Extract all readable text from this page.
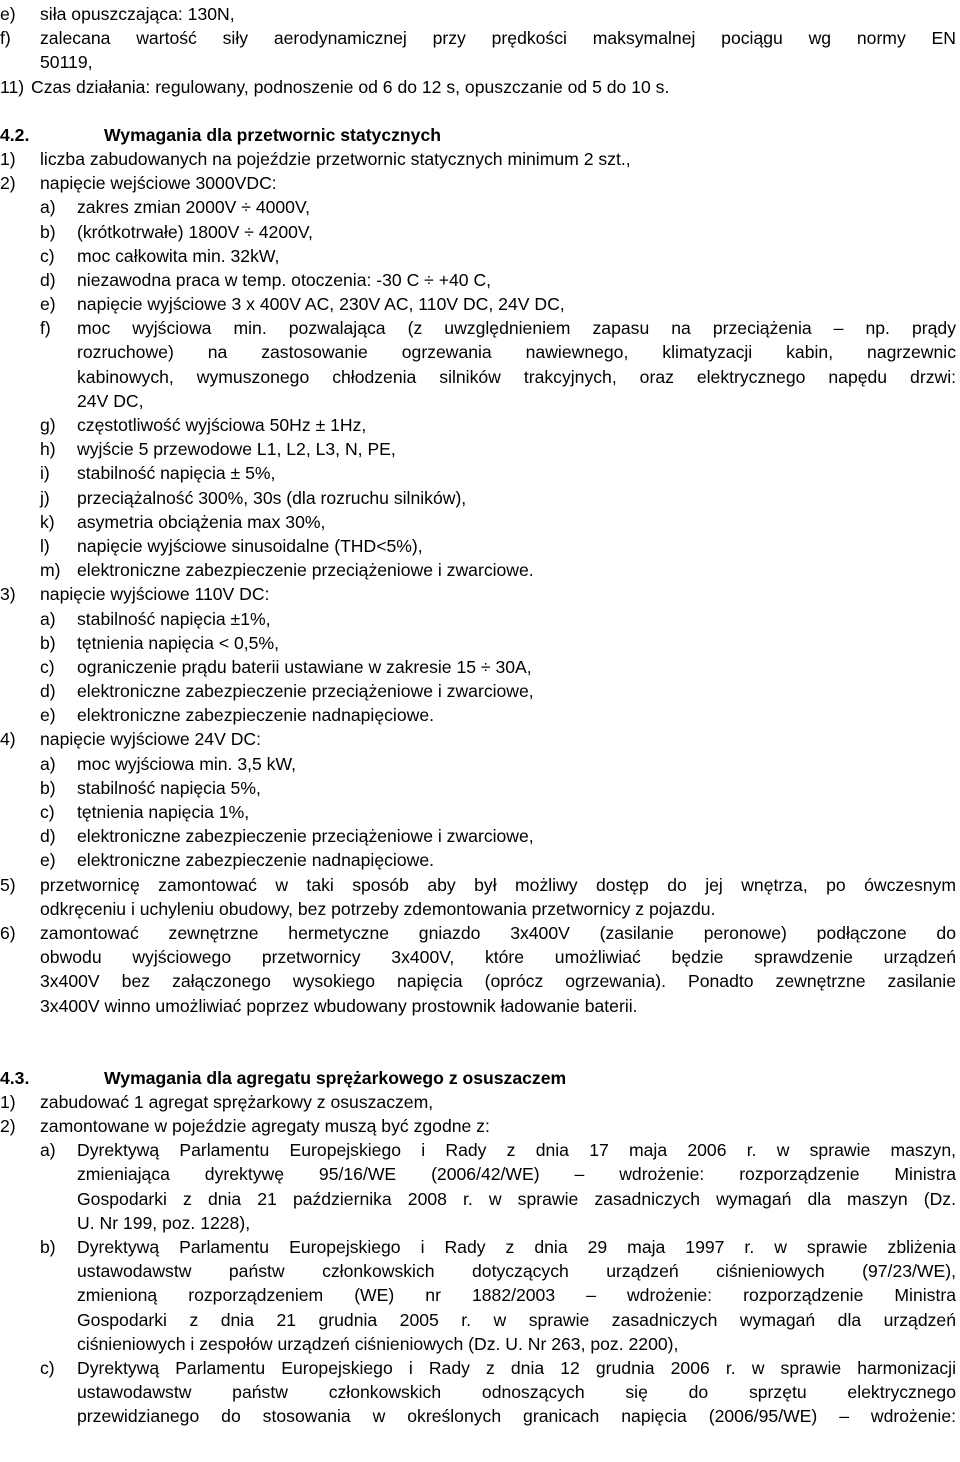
e) siła opuszczająca: 130N,
f) zalecana wartość siły aerodynamicznej przy prędkości maksymalnej pociągu wg normy EN
50119,
11) Czas działania: regulowany, podnoszenie od 6 do 12 s, opuszczanie od 5 do 10 s.
4.2.	Wymagania dla przetwornic statycznych
1) liczba zabudowanych na pojeździe przetwornic statycznych minimum 2 szt.,
2) napięcie wejściowe 3000VDC:
a) zakres zmian 2000V ÷ 4000V,
b) (krótkotrwałe) 1800V ÷ 4200V,
c) moc całkowita min. 32kW,
d) niezawodna praca w temp. otoczenia: -30 C ÷ +40 C,
e) napięcie wyjściowe 3 x 400V AC, 230V AC, 110V DC, 24V DC,
f) moc wyjściowa min. pozwalająca (z uwzględnieniem zapasu na przeciążenia – np. prądy
rozruchowe) na zastosowanie ogrzewania nawiewnego, klimatyzacji kabin, nagrzewnic
kabinowych, wymuszonego chłodzenia silników trakcyjnych, oraz elektrycznego napędu drzwi:
24V DC,
g) częstotliwość wyjściowa 50Hz ± 1Hz,
h) wyjście 5 przewodowe L1, L2, L3, N, PE,
i) stabilność napięcia ± 5%,
j) przeciążalność 300%, 30s (dla rozruchu silników),
k) asymetria obciążenia max 30%,
l) napięcie wyjściowe sinusoidalne (THD<5%),
m) elektroniczne zabezpieczenie przeciążeniowe i zwarciowe.
3) napięcie wyjściowe 110V DC:
a) stabilność napięcia ±1%,
b) tętnienia napięcia < 0,5%,
c) ograniczenie prądu baterii ustawiane w zakresie 15 ÷ 30A,
d) elektroniczne zabezpieczenie przeciążeniowe i zwarciowe,
e) elektroniczne zabezpieczenie nadnapięciowe.
4) napięcie wyjściowe 24V DC:
a) moc wyjściowa min. 3,5 kW,
b) stabilność napięcia 5%,
c) tętnienia napięcia 1%,
d) elektroniczne zabezpieczenie przeciążeniowe i zwarciowe,
e) elektroniczne zabezpieczenie nadnapięciowe.
5) przetwornicę zamontować w taki sposób aby był możliwy dostęp do jej wnętrza, po ówczesnym
odkręceniu i uchyleniu obudowy, bez potrzeby zdemontowania przetwornicy z pojazdu.
6) zamontować zewnętrzne hermetyczne gniazdo 3x400V (zasilanie peronowe) podłączone do
obwodu wyjściowego przetwornicy 3x400V, które umożliwiać będzie sprawdzenie urządzeń
3x400V bez załączonego wysokiego napięcia (oprócz ogrzewania). Ponadto zewnętrzne zasilanie
3x400V winno umożliwiać poprzez wbudowany prostownik ładowanie baterii.
4.3.	Wymagania dla agregatu sprężarkowego z osuszaczem
1) zabudować 1 agregat sprężarkowy z osuszaczem,
2) zamontowane w pojeździe agregaty muszą być zgodne z:
a) Dyrektywą Parlamentu Europejskiego i Rady z dnia 17 maja 2006 r. w sprawie maszyn,
zmieniająca dyrektywę 95/16/WE (2006/42/WE) – wdrożenie: rozporządzenie Ministra
Gospodarki z dnia 21 października 2008 r. w sprawie zasadniczych wymagań dla maszyn (Dz.
U. Nr 199, poz. 1228),
b) Dyrektywą Parlamentu Europejskiego i Rady z dnia 29 maja 1997 r. w sprawie zbliżenia
ustawodawstw państw członkowskich dotyczących urządzeń ciśnieniowych (97/23/WE),
zmienioną rozporządzeniem (WE) nr 1882/2003 – wdrożenie: rozporządzenie Ministra
Gospodarki z dnia 21 grudnia 2005 r. w sprawie zasadniczych wymagań dla urządzeń
ciśnieniowych i zespołów urządzeń ciśnieniowych (Dz. U. Nr 263, poz. 2200),
c) Dyrektywą Parlamentu Europejskiego i Rady z dnia 12 grudnia 2006 r. w sprawie harmonizacji
ustawodawstw państw członkowskich odnoszących się do sprzętu elektrycznego
przewidzianego do stosowania w określonych granicach napięcia (2006/95/WE) – wdrożenie:
